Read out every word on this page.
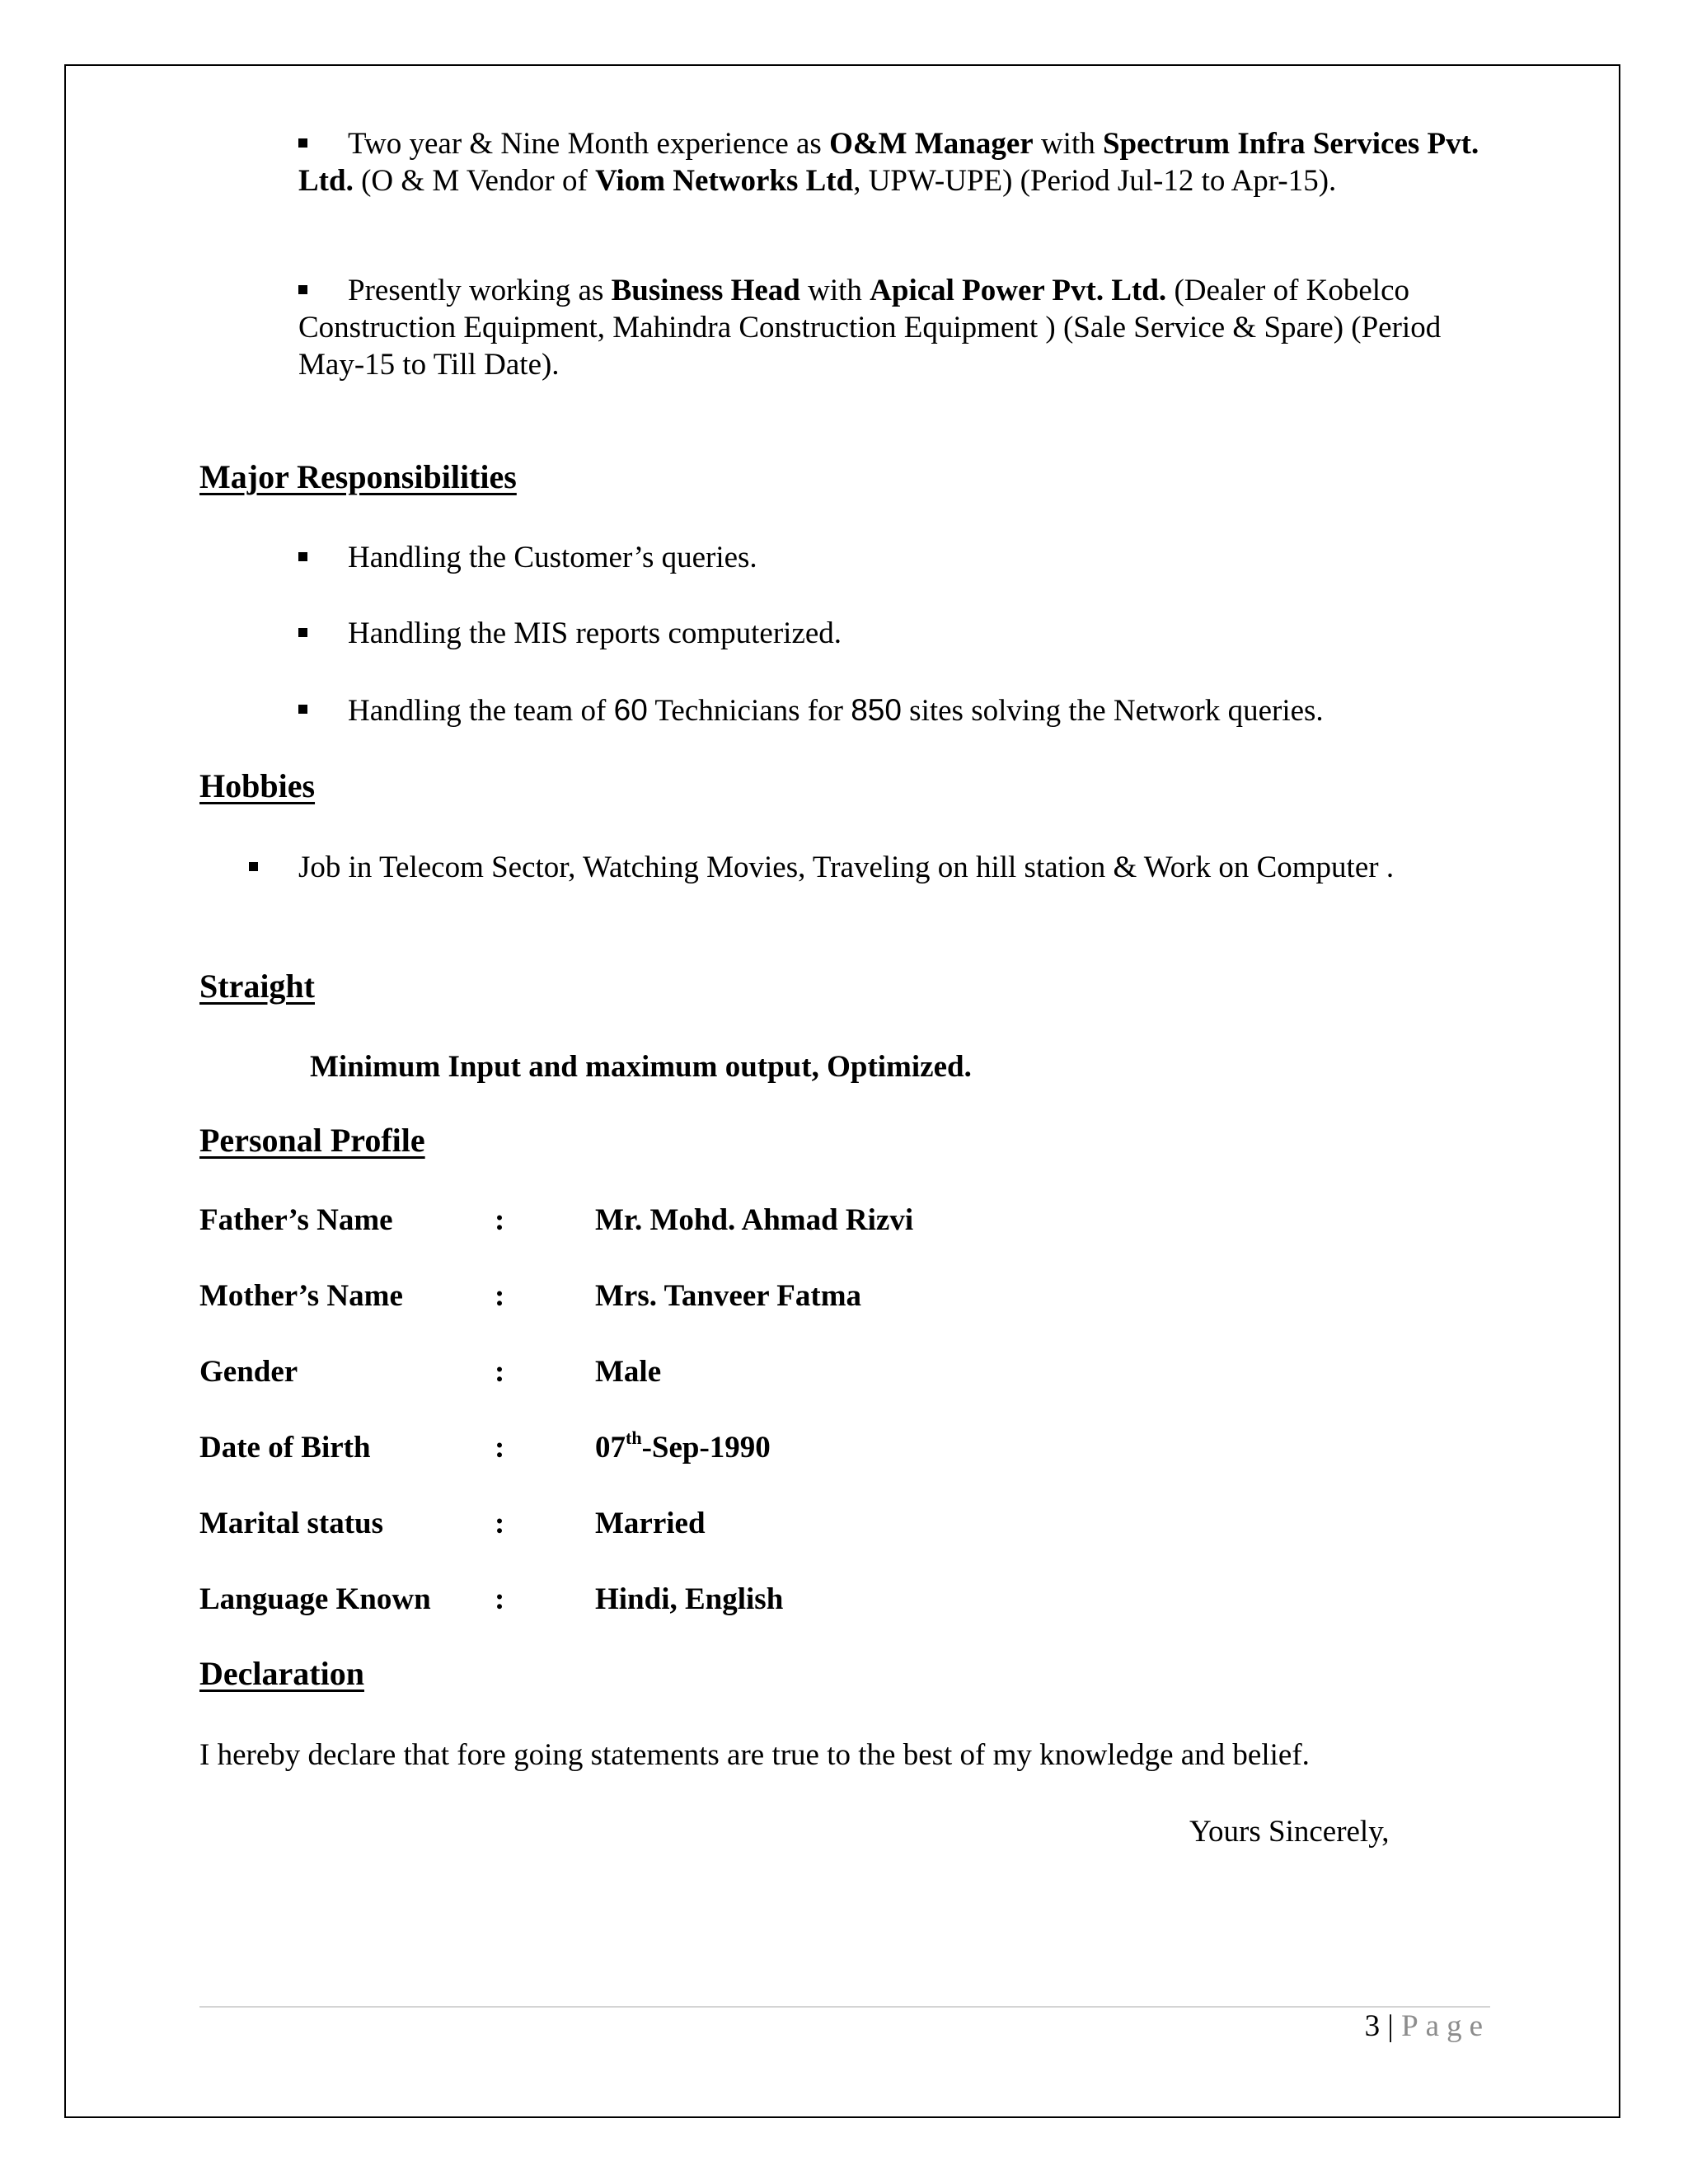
Two year & Nine Month experience as O&M Manager with Spectrum Infra Services Pvt. Ltd. (O & M Vendor of Viom Networks Ltd, UPW-UPE) (Period Jul-12 to Apr-15).
Presently working as Business Head with Apical Power Pvt. Ltd. (Dealer of Kobelco Construction Equipment, Mahindra Construction Equipment ) (Sale Service & Spare) (Period May-15 to Till Date).
Major Responsibilities
Handling the Customer’s queries.
Handling the MIS reports computerized.
Handling the team of 60 Technicians for 850 sites solving the Network queries.
Hobbies
Job in Telecom Sector, Watching Movies, Traveling on hill station & Work on Computer .
Straight
Minimum Input and maximum output, Optimized.
Personal Profile
Father’s Name	:	Mr. Mohd. Ahmad Rizvi
Mother’s Name	:	Mrs. Tanveer Fatma
Gender	:	Male
Date of Birth	:	07th-Sep-1990
Marital status	:	Married
Language Known :	Hindi, English
Declaration
I hereby declare that fore going statements are true to the best of my knowledge and belief.
Yours Sincerely,
3 | Page
